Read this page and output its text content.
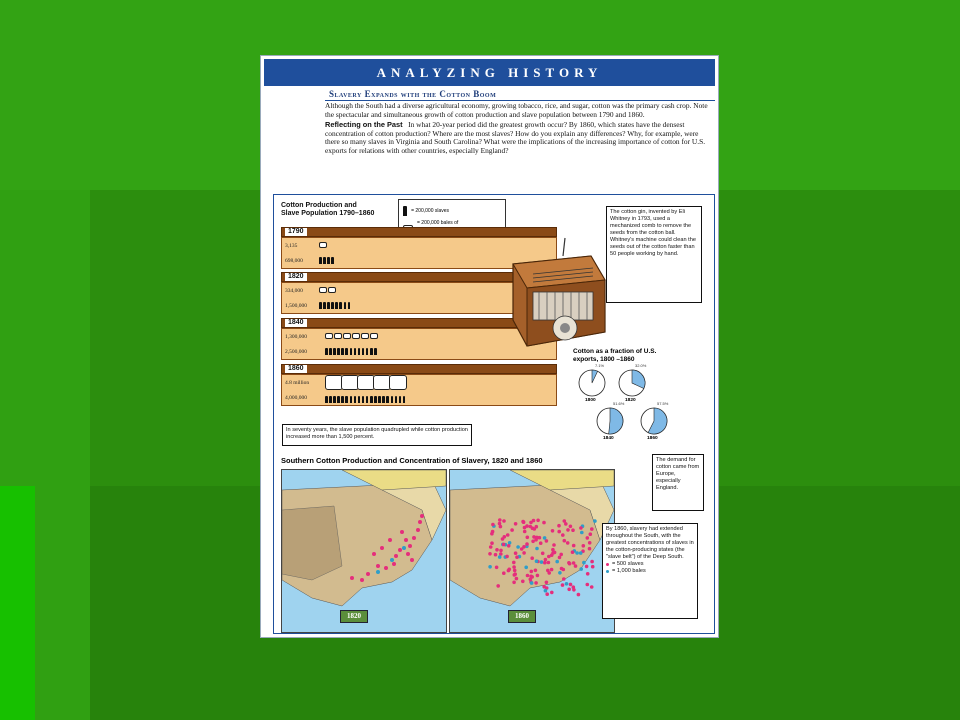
ANALYZING HISTORY
Slavery Expands with the Cotton Boom

Although the South had a diverse agricultural economy, growing tobacco, rice, and sugar, cotton was the primary cash crop. Note the spectacular and simultaneous growth of cotton production and slave population between 1790 and 1860.

Reflecting on the Past In what 20-year period did the greatest growth occur? By 1860, which states have the densest concentration of cotton production? Where are the most slaves? How do you explain any differences? Why, for example, were there so many slaves in Virginia and South Carolina? What were the implications of the increasing importance of cotton for U.S. exports for relations with other countries, especially England?

Cotton Production and
Slave Population 1790–1860	= 200,000 slaves
= 200,000 bales of

1790
3,135
698,000
1820
334,000
1,500,000
1840
1,300,000
2,500,000
1860
4.8 million
4,000,000
In seventy years, the slave population quadrupled while cotton production increased more than 1,500 percent.
The cotton gin, invented by Eli Whitney in 1793, used a mechanized comb to remove the seeds from the cotton ball. Whitney's machine could clean the seeds out of the cotton faster than 50 people working by hand.
Cotton as a fraction of U.S.
exports, 1800 –1860
1800
7.1%
1820
32.0%
1840
51.6%
1860
57.5%
The demand for cotton came from Europe, especially England.
Southern Cotton Production and Concentration of Slavery, 1820 and 1860
1820	1860
By 1860, slavery had extended throughout the South, with the greatest concentrations of slaves in the cotton-producing states (the "slave belt") of the Deep South.
= 500 slaves
= 1,000 bales
